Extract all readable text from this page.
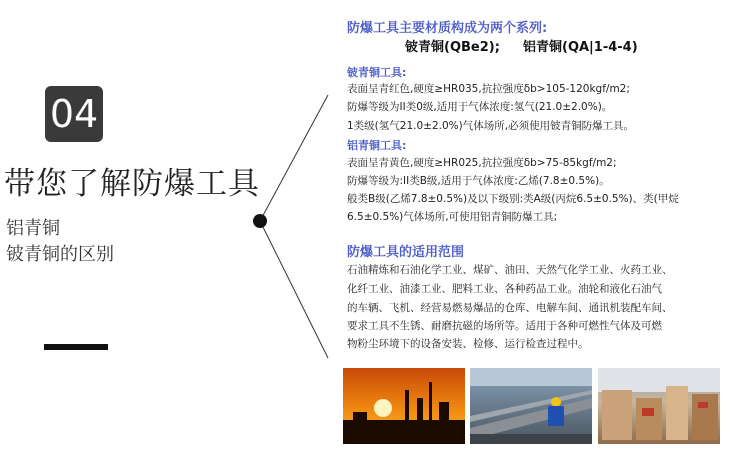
04
带您了解防爆工具
铝青铜
铍青铜的区别
防爆工具主要材质构成为两个系列:
铍青铜(QBe2); 铝青铜(QA|1-4-4)
铍青铜工具:
表面呈青红色,硬度≥HR035,抗拉强度δb>105-120kgf/m2;
防爆等级为II类0级,适用于气体浓度:氢气(21.0±2.0%)。
1类级(氢气21.0±2.0%)气体场所,必须使用铍青铜防爆工具。
铝青铜工具:
表面呈青黄色,硬度≥HR025,抗拉强度δb>75-85kgf/m2;
防爆等级为:II类B级,适用于气体浓度:乙烯(7.8±0.5%)。
般类B级(乙烯7.8±0.5%)及以下级别:类A级(丙烷6.5±0.5%)、类(甲烷
6.5±0.5%)气体场所,可使用铝青铜防爆工具;
防爆工具的适用范围
石油精炼和石油化学工业、煤矿、油田、天然气化学工业、火药工业、
化纤工业、油漆工业、肥料工业、各种药品工业。油轮和液化石油气
的车辆、飞机、经营易燃易爆品的仓库、电解车间、通讯机装配车间、
要求工具不生锈、耐磨抗磁的场所等。适用于各种可燃性气体及可燃
物粉尘环境下的设备安装、检修、运行检查过程中。
